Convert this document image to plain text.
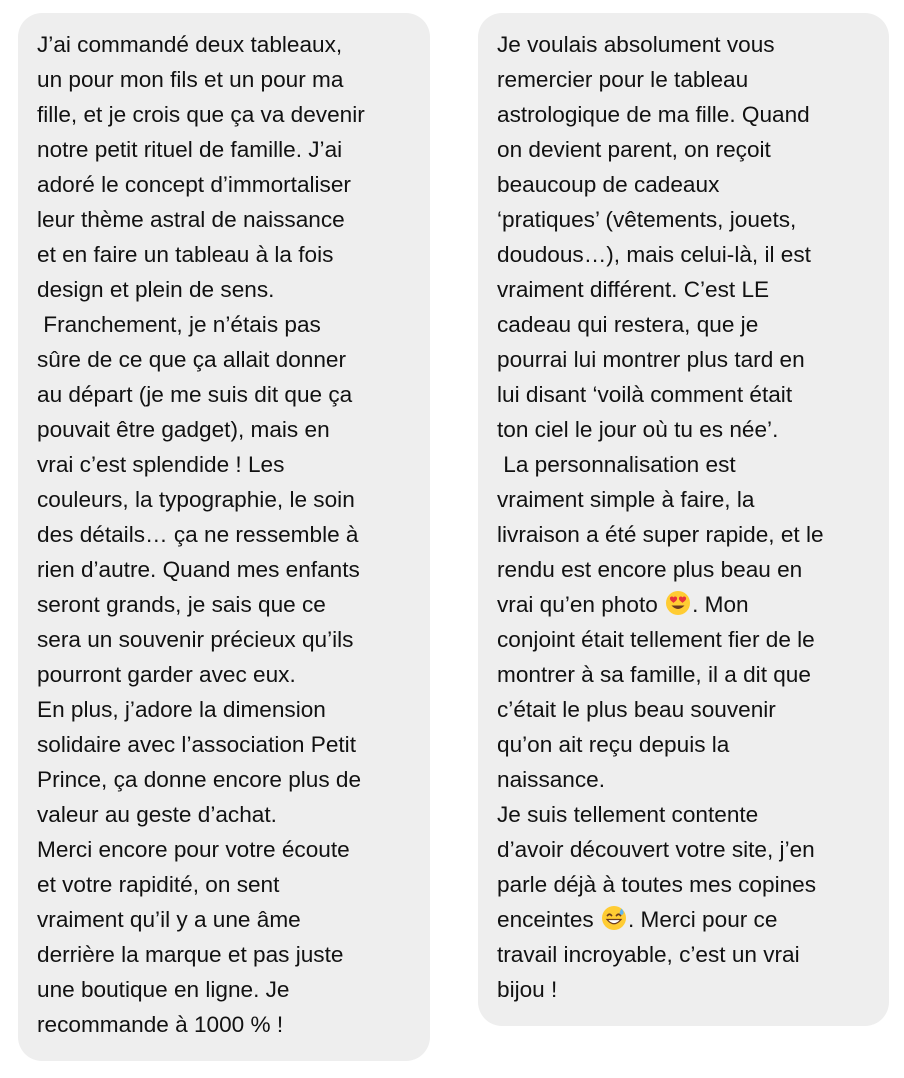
J’ai commandé deux tableaux,
un pour mon fils et un pour ma
fille, et je crois que ça va devenir
notre petit rituel de famille. J’ai
adoré le concept d’immortaliser
leur thème astral de naissance
et en faire un tableau à la fois
design et plein de sens.
Franchement, je n’étais pas
sûre de ce que ça allait donner
au départ (je me suis dit que ça
pouvait être gadget), mais en
vrai c’est splendide ! Les
couleurs, la typographie, le soin
des détails… ça ne ressemble à
rien d’autre. Quand mes enfants
seront grands, je sais que ce
sera un souvenir précieux qu’ils
pourront garder avec eux.
En plus, j’adore la dimension
solidaire avec l’association Petit
Prince, ça donne encore plus de
valeur au geste d’achat.
Merci encore pour votre écoute
et votre rapidité, on sent
vraiment qu’il y a une âme
derrière la marque et pas juste
une boutique en ligne. Je
recommande à 1000 % !
Je voulais absolument vous
remercier pour le tableau
astrologique de ma fille. Quand
on devient parent, on reçoit
beaucoup de cadeaux
‘pratiques’ (vêtements, jouets,
doudous…), mais celui-là, il est
vraiment différent. C’est LE
cadeau qui restera, que je
pourrai lui montrer plus tard en
lui disant ‘voilà comment était
ton ciel le jour où tu es née’.
La personnalisation est
vraiment simple à faire, la
livraison a été super rapide, et le
rendu est encore plus beau en
vrai qu’en photo . Mon
conjoint était tellement fier de le
montrer à sa famille, il a dit que
c’était le plus beau souvenir
qu’on ait reçu depuis la
naissance.
Je suis tellement contente
d’avoir découvert votre site, j’en
parle déjà à toutes mes copines
enceintes . Merci pour ce
travail incroyable, c’est un vrai
bijou !
